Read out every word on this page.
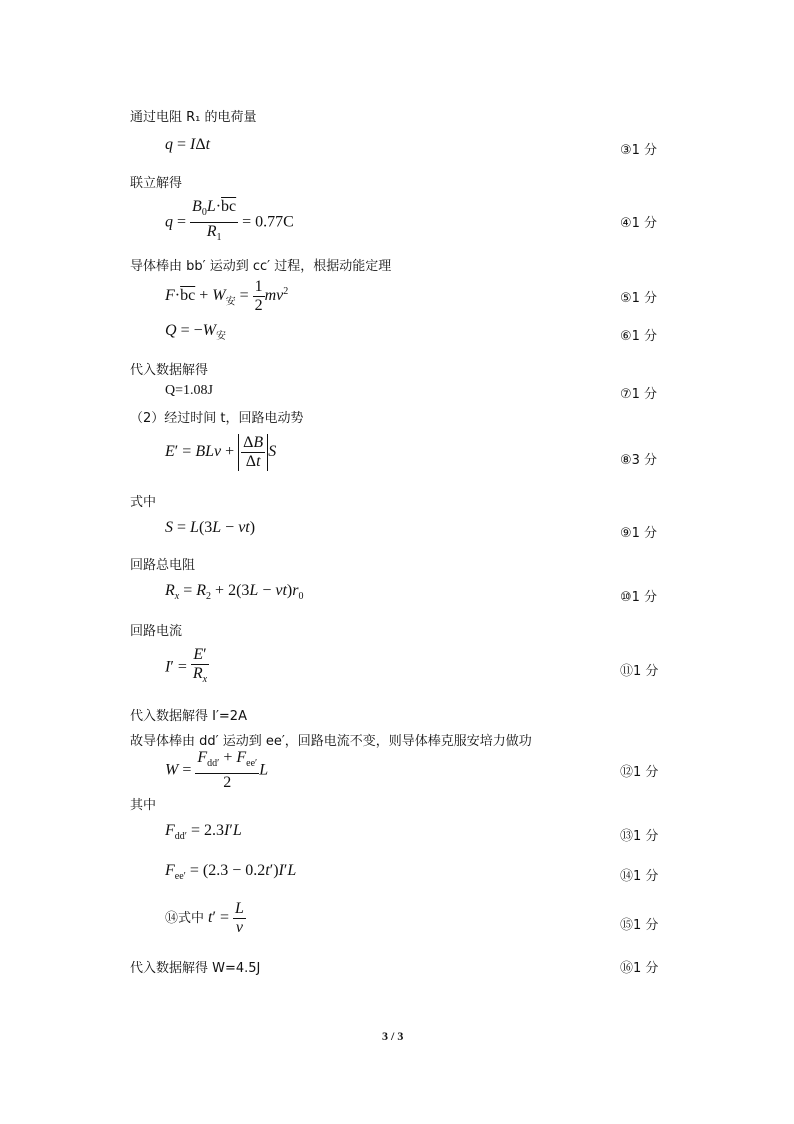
通过电阻 R₁ 的电荷量
q = IΔt	③1 分
联立解得
$q = \frac{B_0L\cdot\overline{bc}}{R_1} = 0.77C$	④1 分
导体棒由 bb′ 运动到 cc′ 过程，根据动能定理
$F\cdot\overline{bc} + W_安 = \frac{1}{2} mv^2$	⑤1 分
$Q = -W_安$	⑥1 分
代入数据解得
Q=1.08J	⑦1 分
（2）经过时间 t，回路电动势
E′ = BLv + $\frac{\Delta B}{\Delta t}$ S
⑧3 分
式中
S = L(3L − vt)	⑨1 分
回路总电阻
$R_x = R_2 + 2(3L - vt)r_0$	⑩1 分
回路电流
$I' = \frac{E'}{R_x}$	⑪1 分
代入数据解得 I′=2A
故导体棒由 dd′ 运动到 ee′，回路电流不变，则导体棒克服安培力做功
$W = \frac{F_{dd'} + F_{ee'}}{2}$ L	⑫1 分
其中
$F_{dd'} = 2.3I'L$	⑬1 分
$F_{ee'} = (2.3 - 0.2t')I'L$	⑭1 分
⑭式中 $t' = \frac{L}{v}$	⑮1 分
代入数据解得 W=4.5J	⑯1 分
3 / 3
